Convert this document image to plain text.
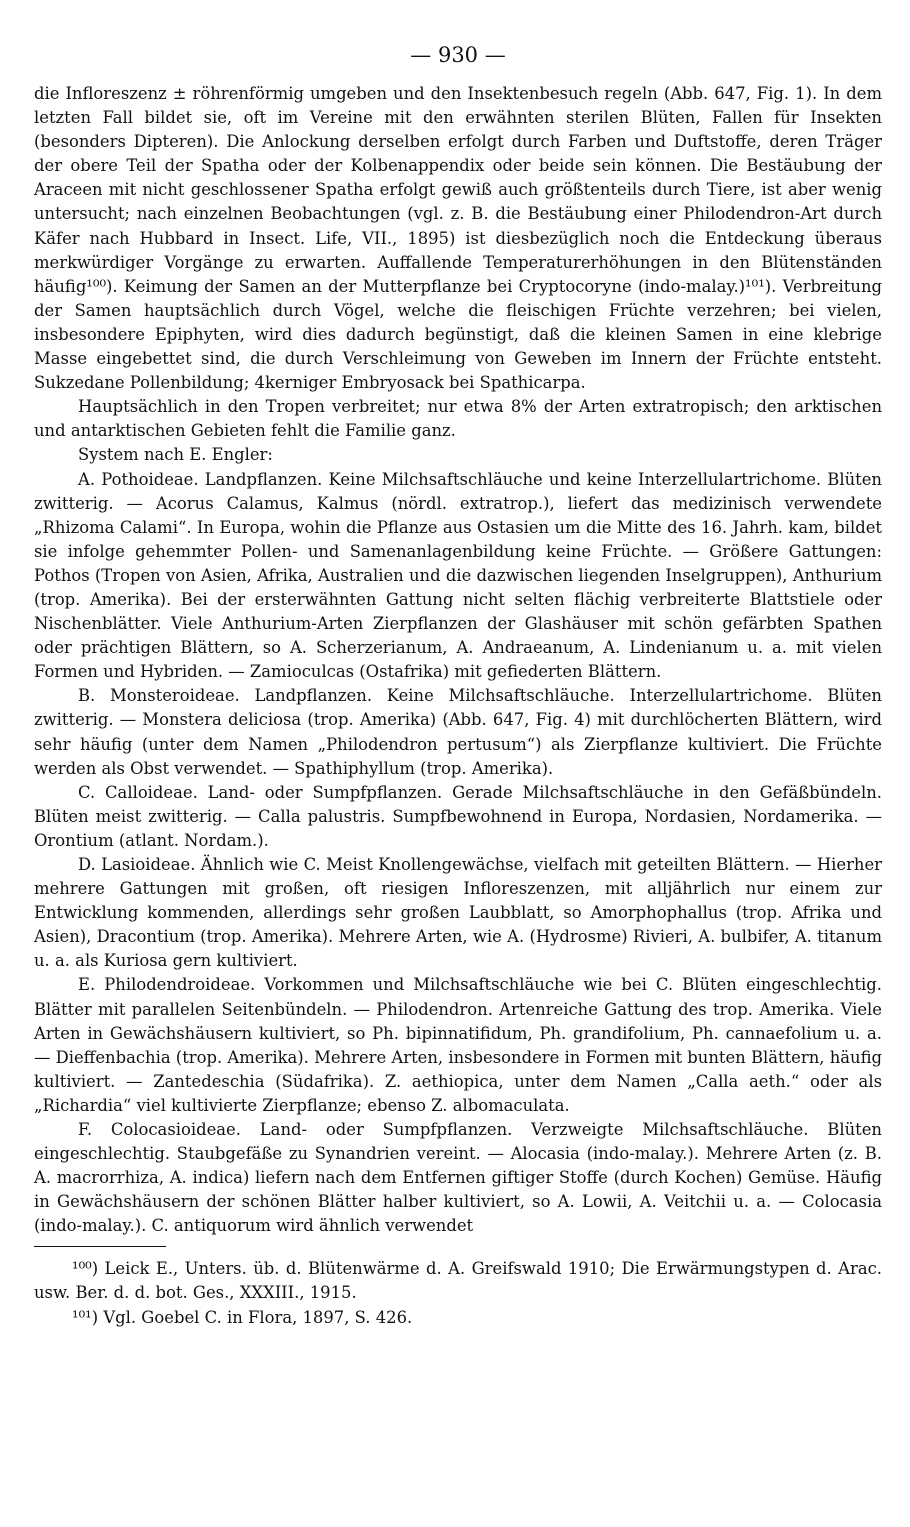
— 930 —

die Infloreszenz ± röhrenförmig umgeben und den Insektenbesuch regeln (Abb. 647, Fig. 1). In dem letzten Fall bildet sie, oft im Vereine mit den erwähnten sterilen Blüten, Fallen für Insekten (besonders Dipteren). Die Anlockung derselben erfolgt durch Farben und Duftstoffe, deren Träger der obere Teil der Spatha oder der Kolbenappendix oder beide sein können. Die Bestäubung der Araceen mit nicht geschlossener Spatha erfolgt gewiß auch größtenteils durch Tiere, ist aber wenig untersucht; nach einzelnen Beobachtungen (vgl. z. B. die Bestäubung einer Philodendron-Art durch Käfer nach Hubbard in Insect. Life, VII., 1895) ist diesbezüglich noch die Entdeckung überaus merkwürdiger Vorgänge zu erwarten. Auffallende Temperaturerhöhungen in den Blütenständen häufig¹⁰⁰). Keimung der Samen an der Mutterpflanze bei Cryptocoryne (indo-malay.)¹⁰¹). Verbreitung der Samen hauptsächlich durch Vögel, welche die fleischigen Früchte verzehren; bei vielen, insbesondere Epiphyten, wird dies dadurch begünstigt, daß die kleinen Samen in eine klebrige Masse eingebettet sind, die durch Verschleimung von Geweben im Innern der Früchte entsteht. Sukzedane Pollenbildung; 4kerniger Embryosack bei Spathicarpa.

Hauptsächlich in den Tropen verbreitet; nur etwa 8% der Arten extratropisch; den arktischen und antarktischen Gebieten fehlt die Familie ganz.

System nach E. Engler:

A. Pothoideae. Landpflanzen. Keine Milchsaftschläuche und keine Interzellulartrichome. Blüten zwitterig. — Acorus Calamus, Kalmus (nördl. extratrop.), liefert das medizinisch verwendete „Rhizoma Calami“. In Europa, wohin die Pflanze aus Ostasien um die Mitte des 16. Jahrh. kam, bildet sie infolge gehemmter Pollen- und Samenanlagenbildung keine Früchte. — Größere Gattungen: Pothos (Tropen von Asien, Afrika, Australien und die dazwischen liegenden Inselgruppen), Anthurium (trop. Amerika). Bei der ersterwähnten Gattung nicht selten flächig verbreiterte Blattstiele oder Nischenblätter. Viele Anthurium-Arten Zierpflanzen der Glashäuser mit schön gefärbten Spathen oder prächtigen Blättern, so A. Scherzerianum, A. Andraeanum, A. Lindenianum u. a. mit vielen Formen und Hybriden. — Zamioculcas (Ostafrika) mit gefiederten Blättern.

B. Monsteroideae. Landpflanzen. Keine Milchsaftschläuche. Interzellulartrichome. Blüten zwitterig. — Monstera deliciosa (trop. Amerika) (Abb. 647, Fig. 4) mit durchlöcherten Blättern, wird sehr häufig (unter dem Namen „Philodendron pertusum“) als Zierpflanze kultiviert. Die Früchte werden als Obst verwendet. — Spathiphyllum (trop. Amerika).

C. Calloideae. Land- oder Sumpfpflanzen. Gerade Milchsaftschläuche in den Gefäßbündeln. Blüten meist zwitterig. — Calla palustris. Sumpfbewohnend in Europa, Nordasien, Nordamerika. — Orontium (atlant. Nordam.).

D. Lasioideae. Ähnlich wie C. Meist Knollengewächse, vielfach mit geteilten Blättern. — Hierher mehrere Gattungen mit großen, oft riesigen Infloreszenzen, mit alljährlich nur einem zur Entwicklung kommenden, allerdings sehr großen Laubblatt, so Amorphophallus (trop. Afrika und Asien), Dracontium (trop. Amerika). Mehrere Arten, wie A. (Hydrosme) Rivieri, A. bulbifer, A. titanum u. a. als Kuriosa gern kultiviert.

E. Philodendroideae. Vorkommen und Milchsaftschläuche wie bei C. Blüten eingeschlechtig. Blätter mit parallelen Seitenbündeln. — Philodendron. Artenreiche Gattung des trop. Amerika. Viele Arten in Gewächshäusern kultiviert, so Ph. bipinnatifidum, Ph. grandifolium, Ph. cannaefolium u. a. — Dieffenbachia (trop. Amerika). Mehrere Arten, insbesondere in Formen mit bunten Blättern, häufig kultiviert. — Zantedeschia (Südafrika). Z. aethiopica, unter dem Namen „Calla aeth.“ oder als „Richardia“ viel kultivierte Zierpflanze; ebenso Z. albomaculata.

F. Colocasioideae. Land- oder Sumpfpflanzen. Verzweigte Milchsaftschläuche. Blüten eingeschlechtig. Staubgefäße zu Synandrien vereint. — Alocasia (indo-malay.). Mehrere Arten (z. B. A. macrorrhiza, A. indica) liefern nach dem Entfernen giftiger Stoffe (durch Kochen) Gemüse. Häufig in Gewächshäusern der schönen Blätter halber kultiviert, so A. Lowii, A. Veitchii u. a. — Colocasia (indo-malay.). C. antiquorum wird ähnlich verwendet

¹⁰⁰) Leick E., Unters. üb. d. Blütenwärme d. A. Greifswald 1910; Die Erwärmungstypen d. Arac. usw. Ber. d. d. bot. Ges., XXXIII., 1915.

¹⁰¹) Vgl. Goebel C. in Flora, 1897, S. 426.
